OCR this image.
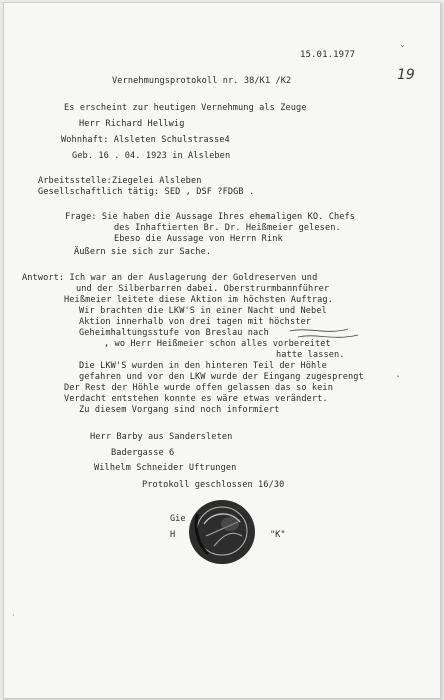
15.01.1977	ˇ
19
Vernehmungsprotokoll nr. 38/K1 /K2
Es erscheint zur heutigen Vernehmung als Zeuge
Herr Richard Hellwig
Wohnhaft: Alsleten Schulstrasse4
Geb. 16 . 04. 1923 in Alsleben
Arbeitsstelle:Ziegelei Alsleben
Gesellschaftlich tätig: SED , DSF ?FDGB .
Frage: Sie haben die Aussage Ihres ehemaligen KO. Chefs
des Inhaftierten Br. Dr. Heißmeier gelesen.
Ebeso die Aussage von Herrn Rink
Äußern sie sich zur Sache.
Antwort: Ich war an der Auslagerung der Goldreserven und
und der Silberbarren dabei. Oberstrurmbannführer
Heißmeier leitete diese Aktion im höchsten Auftrag.
Wir brachten die LKW'S in einer Nacht und Nebel
Aktion innerhalb von drei tagen mit höchster
Geheimhaltungsstufe von Breslau nach
, wo Herr Heißmeier schon alles vorbereitet
hatte lassen.
Die LKW'S wurden in den hinteren Teil der Höhle
gefahren und vor den LKW wurde der Eingang zugesprengt
Der Rest der Höhle wurde offen gelassen das so kein
Verdacht entstehen konnte es wäre etwas verändert.
Zu diesem Vorgang sind noch informiert
Herr Barby aus Sandersleten
Badergasse 6
Wilhelm Schneider Uftrungen
Protokoll geschlossen 16/30
Gie
H	"K"
ˇ
·
